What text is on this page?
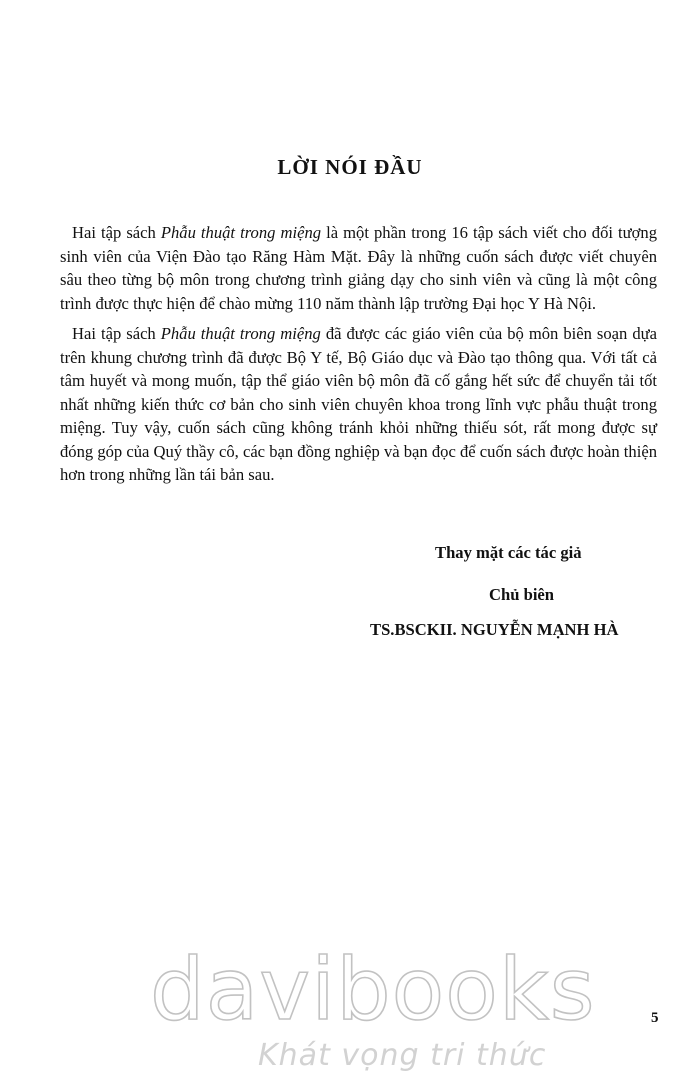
LỜI NÓI ĐẦU

Hai tập sách Phẫu thuật trong miệng là một phần trong 16 tập sách viết cho đối tượng sinh viên của Viện Đào tạo Răng Hàm Mặt. Đây là những cuốn sách được viết chuyên sâu theo từng bộ môn trong chương trình giảng dạy cho sinh viên và cũng là một công trình được thực hiện để chào mừng 110 năm thành lập trường Đại học Y Hà Nội.

Hai tập sách Phẫu thuật trong miệng đã được các giáo viên của bộ môn biên soạn dựa trên khung chương trình đã được Bộ Y tế, Bộ Giáo dục và Đào tạo thông qua. Với tất cả tâm huyết và mong muốn, tập thể giáo viên bộ môn đã cố gắng hết sức để chuyển tải tốt nhất những kiến thức cơ bản cho sinh viên chuyên khoa trong lĩnh vực phẫu thuật trong miệng. Tuy vậy, cuốn sách cũng không tránh khỏi những thiếu sót, rất mong được sự đóng góp của Quý thầy cô, các bạn đồng nghiệp và bạn đọc để cuốn sách được hoàn thiện hơn trong những lần tái bản sau.

Thay mặt các tác giả
Chủ biên
TS.BSCKII. NGUYỄN MẠNH HÀ
5
davibooks
Khát vọng tri thức
